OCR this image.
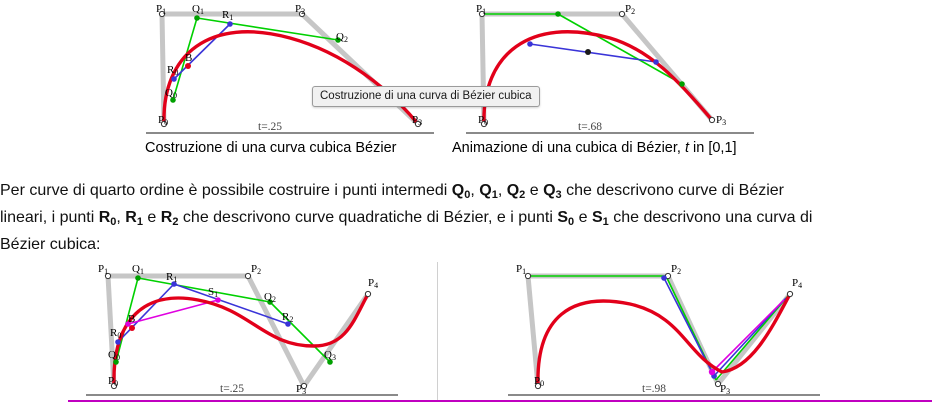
P0
P1	P2
P3
Q0
Q1
Q2
R0
R1
B
t=.25
P0
P1	P2
P3
t=.68
Costruzione di una curva di Bézier cubica
Costruzione di una curva cubica Bézier	Animazione di una cubica di Bézier, t in [0,1]
Per curve di quarto ordine è possibile costruire i punti intermedi $Q_0$, $Q_1$, $Q_2$ e $Q_3$ che descrivono curve di Bézier
lineari, i punti $R_0$, $R_1$ e $R_2$ che descrivono curve quadratiche di Bézier, e i punti $S_0$ e $S_1$ che descrivono una curva di
Bézier cubica:
P0
P1	P2
P3
P4
Q0
Q1
Q2
Q3
R0
R1
R2
S1
B
t=.25
P0
P1	P2
P3
P4
t=.98
